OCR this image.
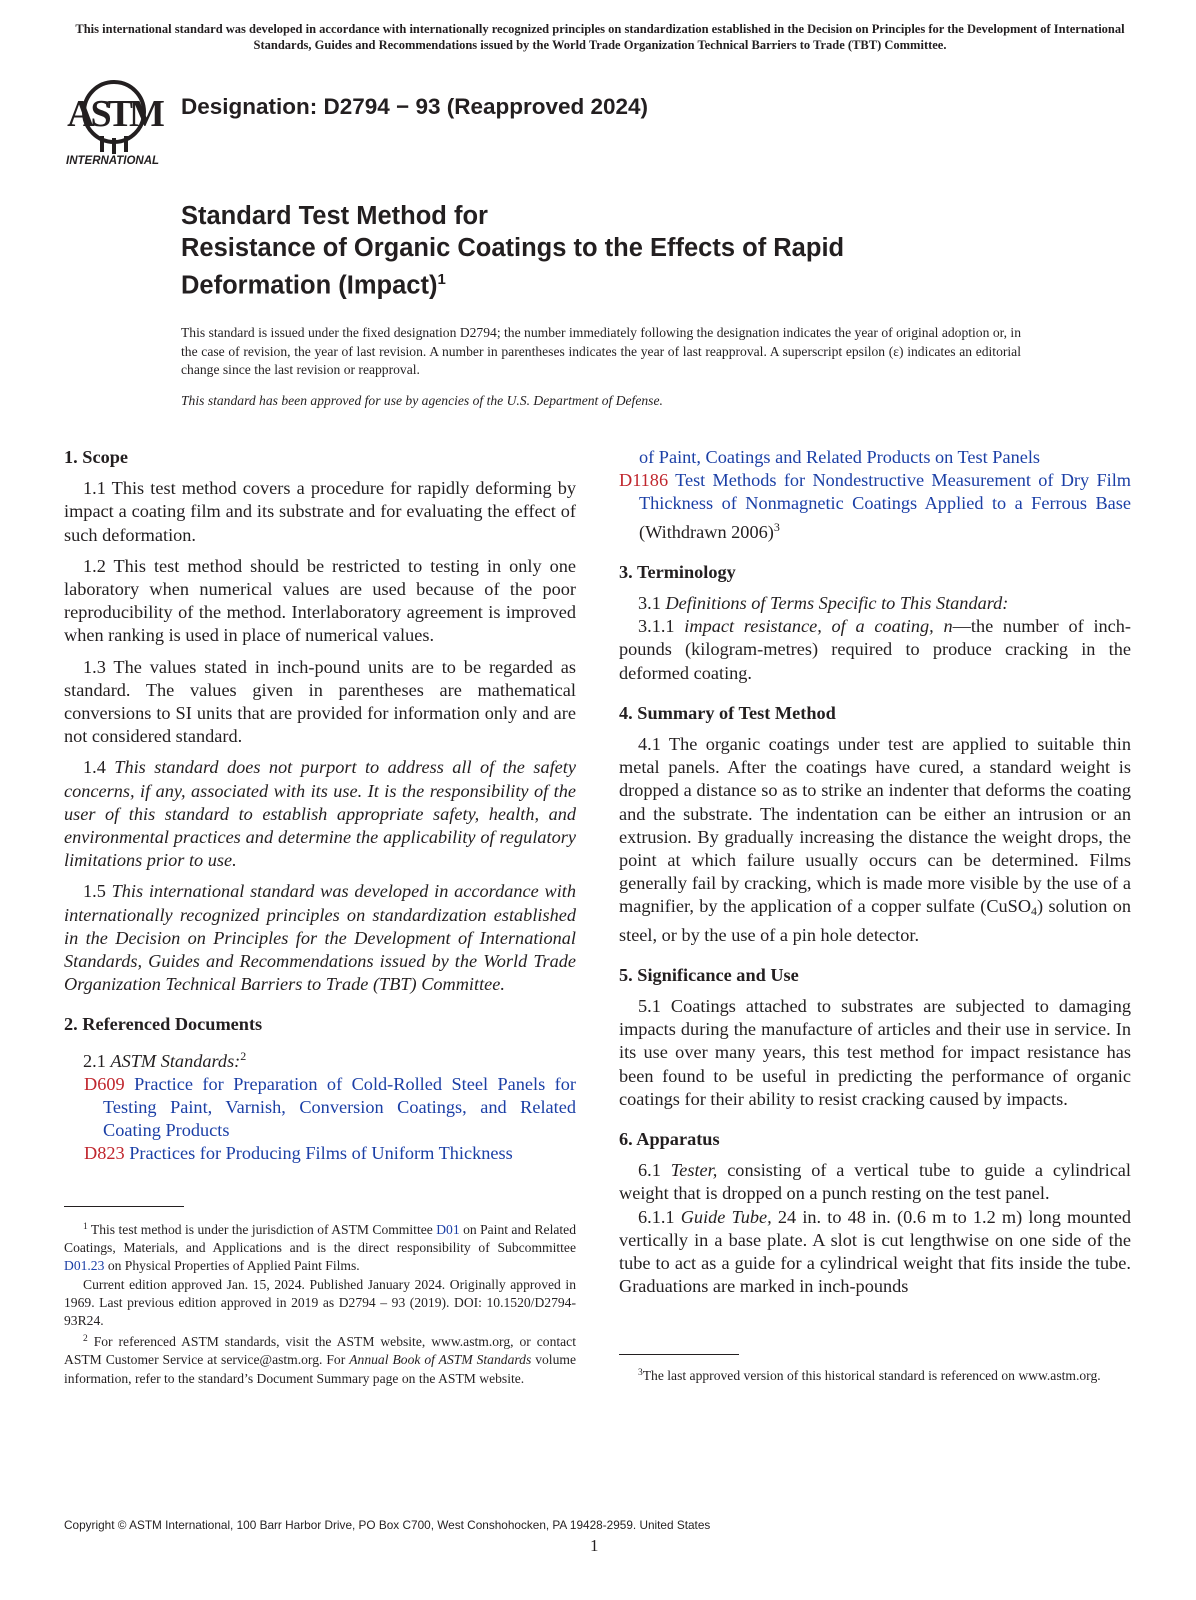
This international standard was developed in accordance with internationally recognized principles on standardization established in the Decision on Principles for the Development of International Standards, Guides and Recommendations issued by the World Trade Organization Technical Barriers to Trade (TBT) Committee.
ASTM
INTERNATIONAL
Designation: D2794 − 93 (Reapproved 2024)
Standard Test Method for
Resistance of Organic Coatings to the Effects of Rapid
Deformation (Impact)$^1$
This standard is issued under the fixed designation D2794; the number immediately following the designation indicates the year of original adoption or, in the case of revision, the year of last revision. A number in parentheses indicates the year of last reapproval. A superscript epsilon (ε) indicates an editorial change since the last revision or reapproval.
This standard has been approved for use by agencies of the U.S. Department of Defense.
1. Scope

1.1 This test method covers a procedure for rapidly deforming by impact a coating film and its substrate and for evaluating the effect of such deformation.

1.2 This test method should be restricted to testing in only one laboratory when numerical values are used because of the poor reproducibility of the method. Interlaboratory agreement is improved when ranking is used in place of numerical values.

1.3 The values stated in inch-pound units are to be regarded as standard. The values given in parentheses are mathematical conversions to SI units that are provided for information only and are not considered standard.

1.4 This standard does not purport to address all of the safety concerns, if any, associated with its use. It is the responsibility of the user of this standard to establish appropriate safety, health, and environmental practices and determine the applicability of regulatory limitations prior to use.

1.5 This international standard was developed in accordance with internationally recognized principles on standardization established in the Decision on Principles for the Development of International Standards, Guides and Recommendations issued by the World Trade Organization Technical Barriers to Trade (TBT) Committee.

2. Referenced Documents

2.1 ASTM Standards:$^2$

D609 Practice for Preparation of Cold-Rolled Steel Panels for Testing Paint, Varnish, Conversion Coatings, and Related Coating Products
D823 Practices for Producing Films of Uniform Thickness
of Paint, Coatings and Related Products on Test Panels
D1186 Test Methods for Nondestructive Measurement of Dry Film Thickness of Nonmagnetic Coatings Applied to a Ferrous Base (Withdrawn 2006)$^3$
3. Terminology

3.1 Definitions of Terms Specific to This Standard:

3.1.1 impact resistance, of a coating, n—the number of inch-pounds (kilogram-metres) required to produce cracking in the deformed coating.

4. Summary of Test Method

4.1 The organic coatings under test are applied to suitable thin metal panels. After the coatings have cured, a standard weight is dropped a distance so as to strike an indenter that deforms the coating and the substrate. The indentation can be either an intrusion or an extrusion. By gradually increasing the distance the weight drops, the point at which failure usually occurs can be determined. Films generally fail by cracking, which is made more visible by the use of a magnifier, by the application of a copper sulfate (CuSO$_4$) solution on steel, or by the use of a pin hole detector.

5. Significance and Use

5.1 Coatings attached to substrates are subjected to damaging impacts during the manufacture of articles and their use in service. In its use over many years, this test method for impact resistance has been found to be useful in predicting the performance of organic coatings for their ability to resist cracking caused by impacts.

6. Apparatus

6.1 Tester, consisting of a vertical tube to guide a cylindrical weight that is dropped on a punch resting on the test panel.

6.1.1 Guide Tube, 24 in. to 48 in. (0.6 m to 1.2 m) long mounted vertically in a base plate. A slot is cut lengthwise on one side of the tube to act as a guide for a cylindrical weight that fits inside the tube. Graduations are marked in inch-pounds

$^1$ This test method is under the jurisdiction of ASTM Committee D01 on Paint and Related Coatings, Materials, and Applications and is the direct responsibility of Subcommittee D01.23 on Physical Properties of Applied Paint Films.

Current edition approved Jan. 15, 2024. Published January 2024. Originally approved in 1969. Last previous edition approved in 2019 as D2794 – 93 (2019). DOI: 10.1520/D2794-93R24.

$^2$ For referenced ASTM standards, visit the ASTM website, www.astm.org, or contact ASTM Customer Service at service@astm.org. For Annual Book of ASTM Standards volume information, refer to the standard’s Document Summary page on the ASTM website.	$^3$The last approved version of this historical standard is referenced on www.astm.org.

Copyright © ASTM International, 100 Barr Harbor Drive, PO Box C700, West Conshohocken, PA 19428-2959. United States
1
